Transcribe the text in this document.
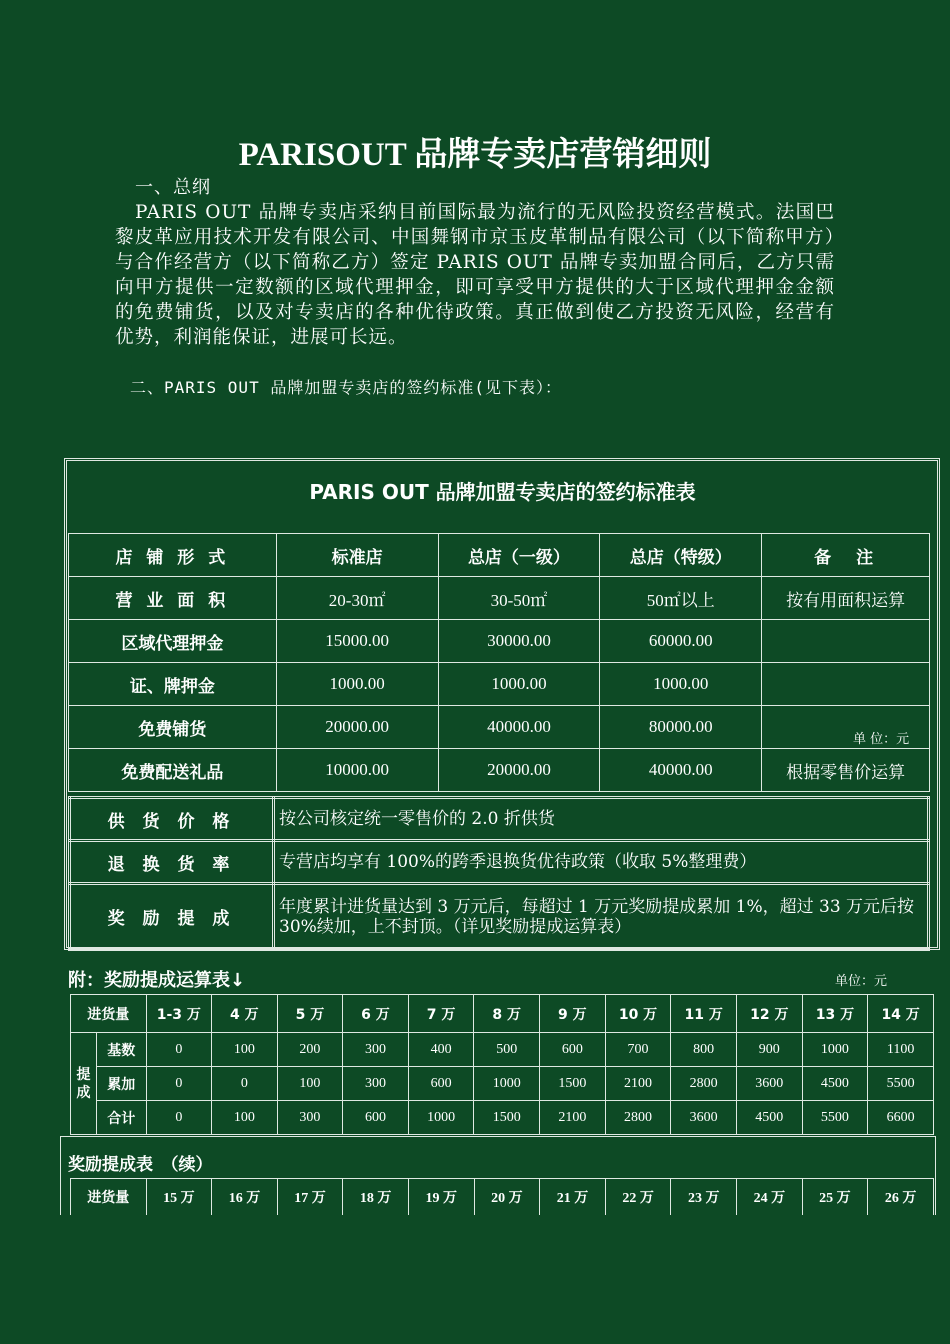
PARISOUT 品牌专卖店营销细则
一、总纲
PARIS OUT 品牌专卖店采纳目前国际最为流行的无风险投资经营模式。法国巴黎皮革应用技术开发有限公司、中国舞钢市京玉皮革制品有限公司（以下简称甲方）与合作经营方（以下简称乙方）签定 PARIS OUT 品牌专卖加盟合同后，乙方只需向甲方提供一定数额的区域代理押金，即可享受甲方提供的大于区域代理押金金额的免费铺货，以及对专卖店的各种优待政策。真正做到使乙方投资无风险，经营有优势，利润能保证，进展可长远。
二、PARIS OUT 品牌加盟专卖店的签约标准(见下表）：
PARIS OUT 品牌加盟专卖店的签约标准表
店 铺 形 式	标准店	总店（一级）	总店（特级）	备　注
营 业 面 积	20-30㎡	30-50㎡	50㎡以上	按有用面积运算
区域代理押金	15000.00	30000.00	60000.00	
证、牌押金	1000.00	1000.00	1000.00	
免费铺货	20000.00	40000.00	80000.00	
免费配送礼品	10000.00	20000.00	40000.00	根据零售价运算
单 位：元
供 货 价 格	按公司核定统一零售价的 2.0 折供货
退 换 货 率	专营店均享有 100%的跨季退换货优待政策（收取 5%整理费）
奖 励 提 成	年度累计进货量达到 3 万元后，每超过 1 万元奖励提成累加 1%，超过 33 万元后按 30%续加，上不封顶。（详见奖励提成运算表）
附：奖励提成运算表↓	单位：元
进货量		1-3 万	4 万	5 万	6 万	7 万	8 万	9 万	10 万	11 万	12 万	13 万	14 万
提成	基数	0	100	200	300	400	500	600	700	800	900	1000	1100
	累加	0	0	100	300	600	1000	1500	2100	2800	3600	4500	5500
	合计	0	100	300	600	1000	1500	2100	2800	3600	4500	5500	6600
奖励提成表　（续）
进货量	15 万	16 万	17 万	18 万	19 万	20 万	21 万	22 万	23 万	24 万	25 万	26 万
